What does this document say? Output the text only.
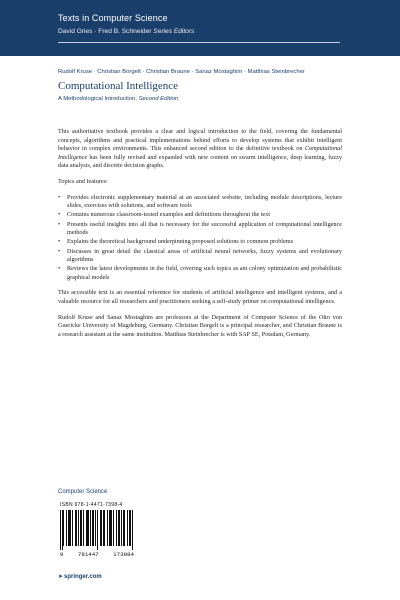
Texts in Computer Science
David Gries · Fred B. Schneider Series Editors
Rudolf Kruse · Christian Borgelt · Christian Braune · Sanaz Mostaghim · Matthias Steinbrecher
Computational Intelligence
A Methodological Introduction, Second Edition

This authoritative textbook provides a clear and logical introduction to the field, covering the fundamental concepts, algorithms and practical implementations behind efforts to develop systems that exhibit intelligent behavior in complex environments. This enhanced second edition to the definitive textbook on Computational Intelligence has been fully revised and expanded with new content on swarm intelligence, deep learning, fuzzy data analysis, and discrete decision graphs.

Topics and features:

• Provides electronic supplementary material at an associated website, including module descriptions, lecture slides, exercises with solutions, and software tools
• Contains numerous classroom-tested examples and definitions throughout the text
• Presents useful insights into all that is necessary for the successful application of computational intelligence methods
• Explains the theoretical background underpinning proposed solutions to common problems
• Discusses in great detail the classical areas of artificial neural networks, fuzzy systems and evolutionary algorithms
• Reviews the latest developments in the field, covering such topics as ant colony optimization and probabilistic graphical models

This accessible text is an essential reference for students of artificial intelligence and intelligent systems, and a valuable resource for all researchers and practitioners seeking a self-study primer on computational intelligence.

Rudolf Kruse and Sanaz Mostaghim are professors at the Department of Computer Science of the Otto von Guericke University of Magdeburg, Germany. Christian Borgelt is a principal researcher, and Christian Braune is a research assistant at the same institution. Matthias Steinbrecher is with SAP SE, Potsdam, Germany.

Computer Science
ISBN 978-1-4471-7398-4
9 781447 173984
➤springer.com
